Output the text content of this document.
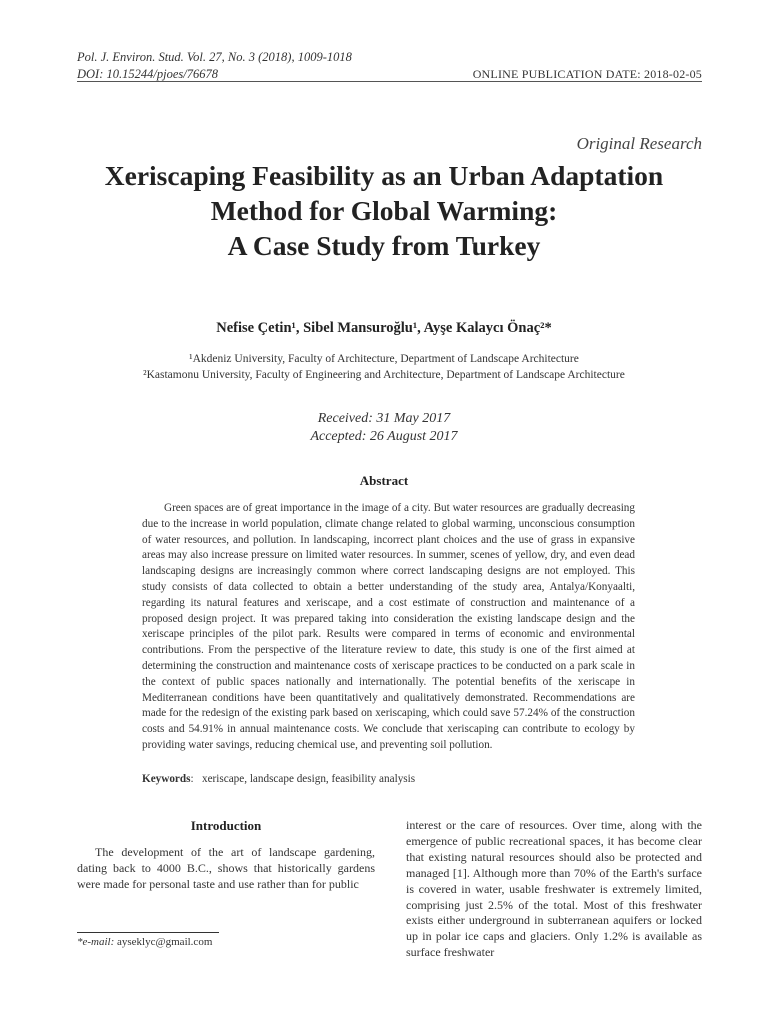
Pol. J. Environ. Stud. Vol. 27, No. 3 (2018), 1009-1018
DOI: 10.15244/pjoes/76678	ONLINE PUBLICATION DATE: 2018-02-05
Original Research
Xeriscaping Feasibility as an Urban Adaptation
Method for Global Warming:
A Case Study from Turkey
Nefise Çetin¹, Sibel Mansuroğlu¹, Ayşe Kalaycı Önaç²*
¹Akdeniz University, Faculty of Architecture, Department of Landscape Architecture
²Kastamonu University, Faculty of Engineering and Architecture, Department of Landscape Architecture
Received: 31 May 2017
Accepted: 26 August 2017
Abstract
Green spaces are of great importance in the image of a city. But water resources are gradually decreasing due to the increase in world population, climate change related to global warming, unconscious consumption of water resources, and pollution. In landscaping, incorrect plant choices and the use of grass in expansive areas may also increase pressure on limited water resources. In summer, scenes of yellow, dry, and even dead landscaping designs are increasingly common where correct landscaping designs are not employed. This study consists of data collected to obtain a better understanding of the study area, Antalya/Konyaalti, regarding its natural features and xeriscape, and a cost estimate of construction and maintenance of a proposed design project. It was prepared taking into consideration the existing landscape design and the xeriscape principles of the pilot park. Results were compared in terms of economic and environmental contributions. From the perspective of the literature review to date, this study is one of the first aimed at determining the construction and maintenance costs of xeriscape practices to be conducted on a park scale in the context of public spaces nationally and internationally. The potential benefits of the xeriscape in Mediterranean conditions have been quantitatively and qualitatively demonstrated. Recommendations are made for the redesign of the existing park based on xeriscaping, which could save 57.24% of the construction costs and 54.91% in annual maintenance costs. We conclude that xeriscaping can contribute to ecology by providing water savings, reducing chemical use, and preventing soil pollution.
Keywords:   xeriscape, landscape design, feasibility analysis
Introduction
The development of the art of landscape gardening, dating back to 4000 B.C., shows that historically gardens were made for personal taste and use rather than for public
interest or the care of resources. Over time, along with the emergence of public recreational spaces, it has become clear that existing natural resources should also be protected and managed [1]. Although more than 70% of the Earth's surface is covered in water, usable freshwater is extremely limited, comprising just 2.5% of the total. Most of this freshwater exists either underground in subterranean aquifers or locked up in polar ice caps and glaciers. Only 1.2% is available as surface freshwater
*e-mail: ayseklyc@gmail.com
